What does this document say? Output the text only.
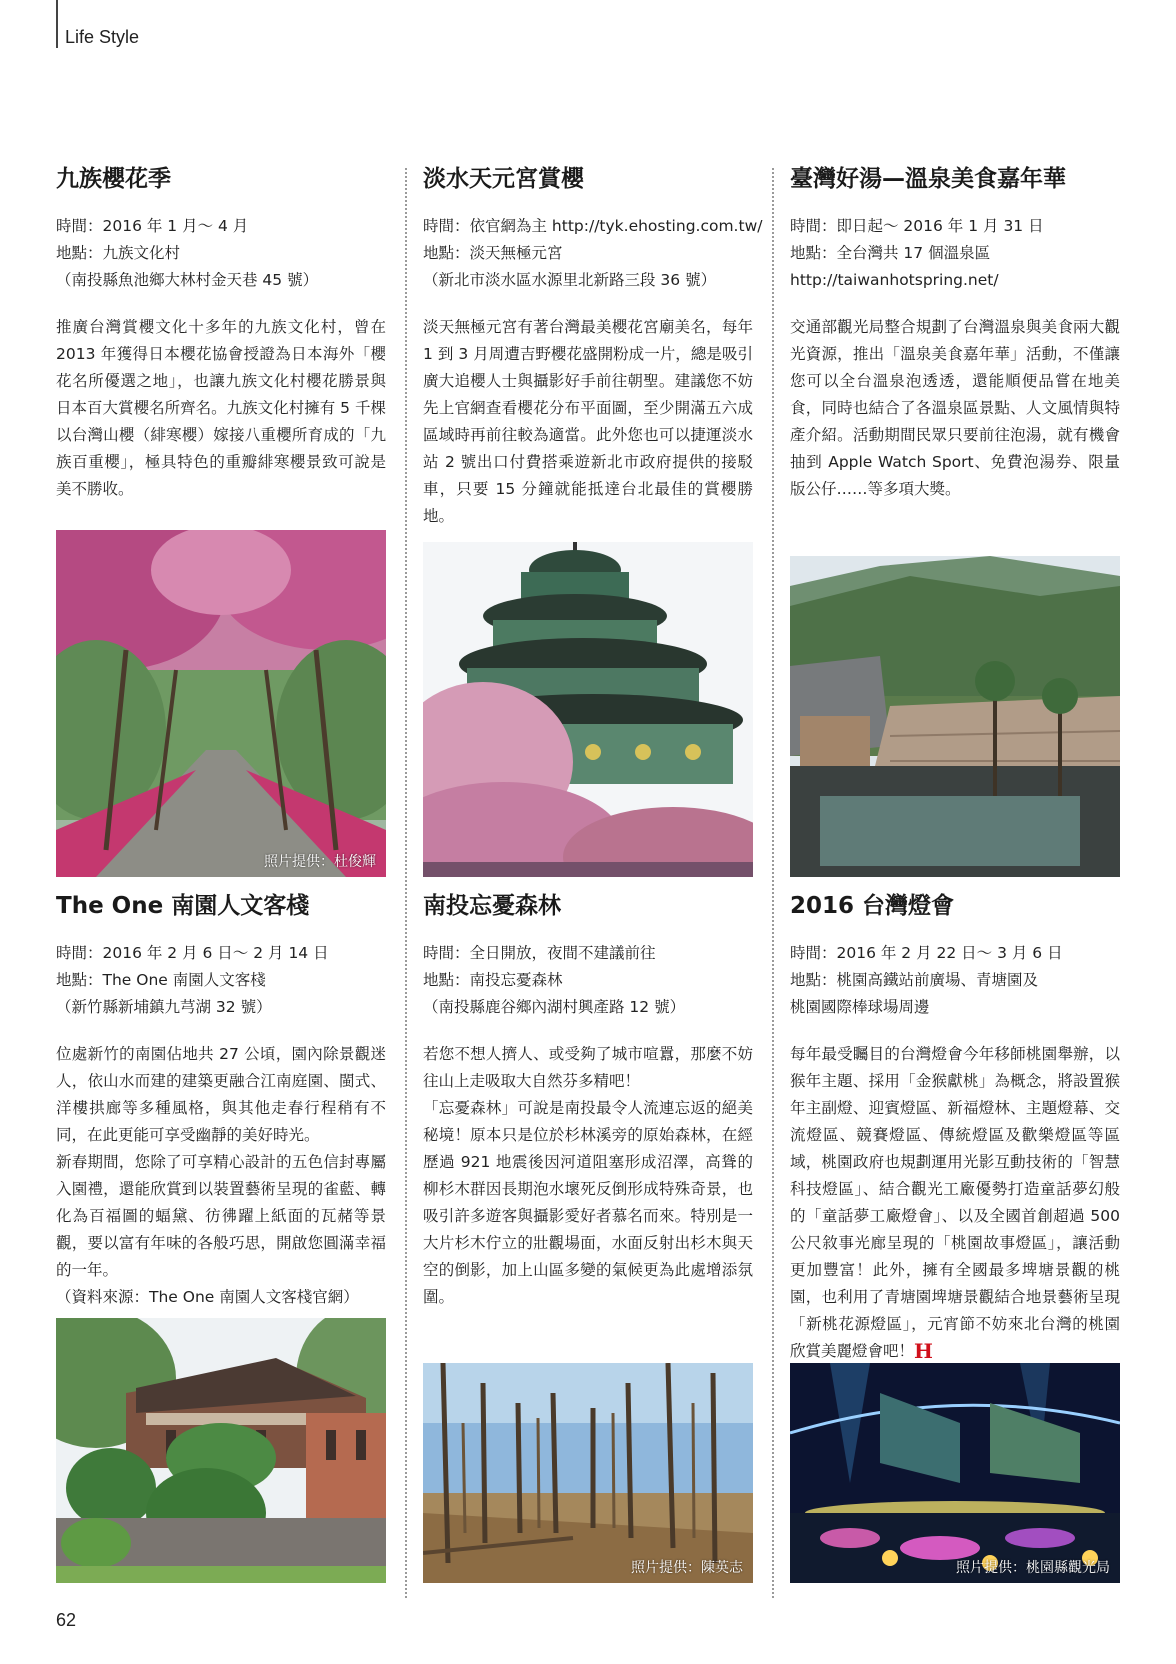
Life Style
九族櫻花季
時間：2016 年 1 月～ 4 月
地點：九族文化村
（南投縣魚池鄉大林村金天巷 45 號）

推廣台灣賞櫻文化十多年的九族文化村，曾在 2013 年獲得日本櫻花協會授證為日本海外「櫻花名所優選之地」，也讓九族文化村櫻花勝景與日本百大賞櫻名所齊名。九族文化村擁有 5 千棵以台灣山櫻（緋寒櫻）嫁接八重櫻所育成的「九族百重櫻」，極具特色的重瓣緋寒櫻景致可說是美不勝收。

淡水天元宮賞櫻
時間：依官網為主 http://tyk.ehosting.com.tw/
地點：淡天無極元宮
（新北市淡水區水源里北新路三段 36 號）

淡天無極元宮有著台灣最美櫻花宮廟美名，每年 1 到 3 月周遭吉野櫻花盛開粉成一片，總是吸引廣大追櫻人士與攝影好手前往朝聖。建議您不妨先上官網查看櫻花分布平面圖，至少開滿五六成區域時再前往較為適當。此外您也可以捷運淡水站 2 號出口付費搭乘遊新北市政府提供的接駁車，只要 15 分鐘就能抵達台北最佳的賞櫻勝地。

臺灣好湯—溫泉美食嘉年華
時間：即日起～ 2016 年 1 月 31 日
地點：全台灣共 17 個溫泉區
http://taiwanhotspring.net/

交通部觀光局整合規劃了台灣溫泉與美食兩大觀光資源，推出「溫泉美食嘉年華」活動，不僅讓您可以全台溫泉泡透透，還能順便品嘗在地美食，同時也結合了各溫泉區景點、人文風情與特產介紹。活動期間民眾只要前往泡湯，就有機會抽到 Apple Watch Sport、免費泡湯券、限量版公仔……等多項大獎。

The One 南園人文客棧
時間：2016 年 2 月 6 日～ 2 月 14 日
地點：The One 南園人文客棧
（新竹縣新埔鎮九芎湖 32 號）

位處新竹的南園佔地共 27 公頃，園內除景觀迷人，依山水而建的建築更融合江南庭園、閩式、洋樓拱廊等多種風格，與其他走春行程稍有不同，在此更能可享受幽靜的美好時光。

新春期間，您除了可享精心設計的五色信封專屬入園禮，還能欣賞到以裝置藝術呈現的雀藍、轉化為百福圖的蝠黛、彷彿躍上紙面的瓦赭等景觀，要以富有年味的各般巧思，開啟您圓滿幸福的一年。

（資料來源：The One 南園人文客棧官網）

南投忘憂森林
時間：全日開放，夜間不建議前往
地點：南投忘憂森林
（南投縣鹿谷鄉內湖村興產路 12 號）

若您不想人擠人、或受夠了城市喧囂，那麼不妨往山上走吸取大自然芬多精吧！

「忘憂森林」可說是南投最令人流連忘返的絕美秘境！原本只是位於杉林溪旁的原始森林，在經歷過 921 地震後因河道阻塞形成沼澤，高聳的柳杉木群因長期泡水壞死反倒形成特殊奇景，也吸引許多遊客與攝影愛好者慕名而來。特別是一大片杉木佇立的壯觀場面，水面反射出杉木與天空的倒影，加上山區多變的氣候更為此處增添氛圍。

2016 台灣燈會
時間：2016 年 2 月 22 日～ 3 月 6 日
地點：桃園高鐵站前廣場、青塘園及
桃園國際棒球場周邊

每年最受矚目的台灣燈會今年移師桃園舉辦，以猴年主題、採用「金猴獻桃」為概念，將設置猴年主副燈、迎賓燈區、新福燈林、主題燈幕、交流燈區、競賽燈區、傳統燈區及歡樂燈區等區域，桃園政府也規劃運用光影互動技術的「智慧科技燈區」、結合觀光工廠優勢打造童話夢幻般的「童話夢工廠燈會」、以及全國首創超過 500 公尺敘事光廊呈現的「桃園故事燈區」，讓活動更加豐富！此外，擁有全國最多埤塘景觀的桃園，也利用了青塘園埤塘景觀結合地景藝術呈現「新桃花源燈區」，元宵節不妨來北台灣的桃園欣賞美麗燈會吧！H

照片提供：杜俊輝
照片提供：陳英志	照片提供：桃園縣觀光局
62
